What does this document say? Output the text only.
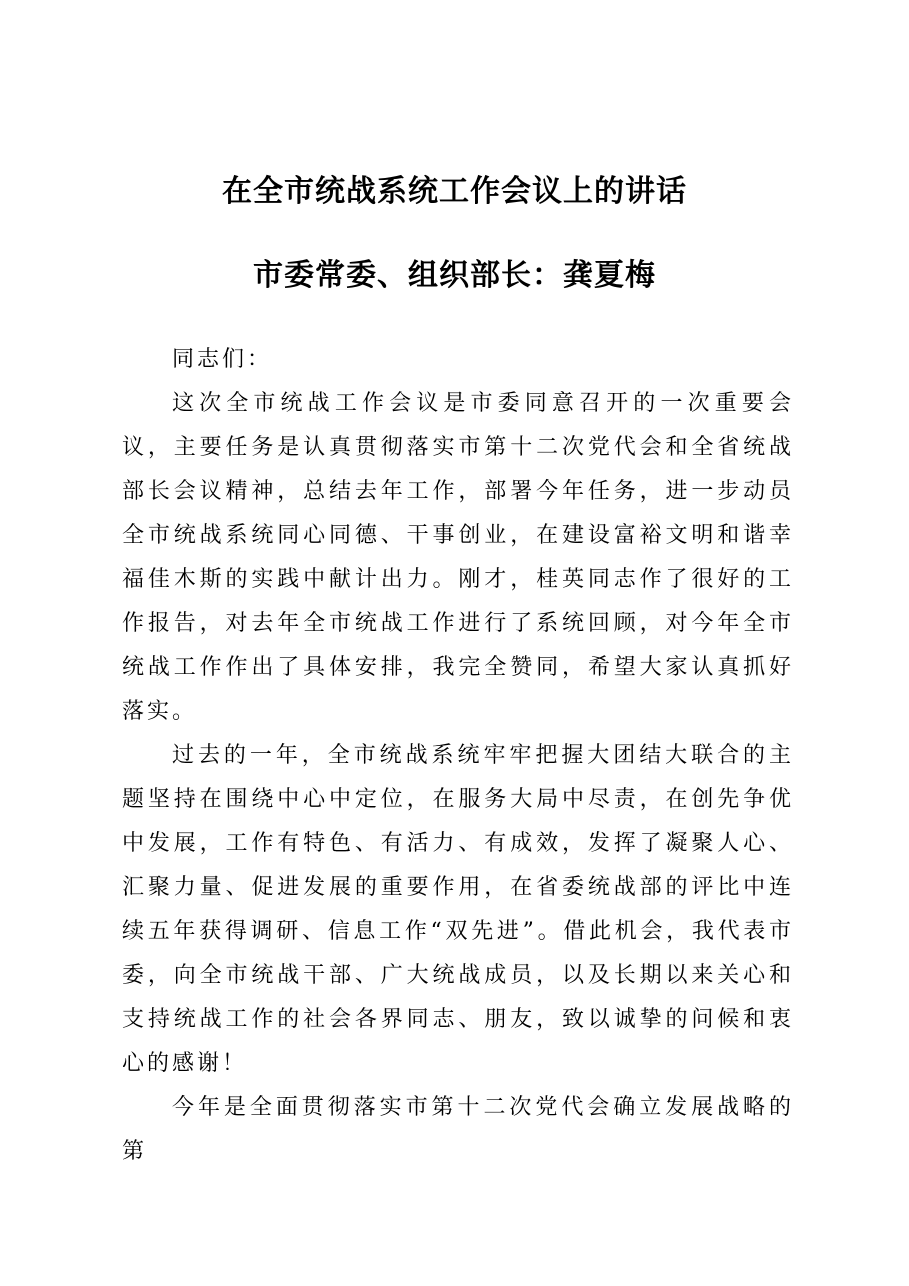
在全市统战系统工作会议上的讲话
市委常委、组织部长：龚夏梅
同志们：

这次全市统战工作会议是市委同意召开的一次重要会议，主要任务是认真贯彻落实市第十二次党代会和全省统战部长会议精神，总结去年工作，部署今年任务，进一步动员全市统战系统同心同德、干事创业，在建设富裕文明和谐幸福佳木斯的实践中献计出力。刚才，桂英同志作了很好的工作报告，对去年全市统战工作进行了系统回顾，对今年全市统战工作作出了具体安排，我完全赞同，希望大家认真抓好落实。

过去的一年，全市统战系统牢牢把握大团结大联合的主题坚持在围绕中心中定位，在服务大局中尽责，在创先争优中发展，工作有特色、有活力、有成效，发挥了凝聚人心、汇聚力量、促进发展的重要作用，在省委统战部的评比中连续五年获得调研、信息工作“双先进”。借此机会，我代表市委，向全市统战干部、广大统战成员，以及长期以来关心和支持统战工作的社会各界同志、朋友，致以诚挚的问候和衷心的感谢！

今年是全面贯彻落实市第十二次党代会确立发展战略的第
